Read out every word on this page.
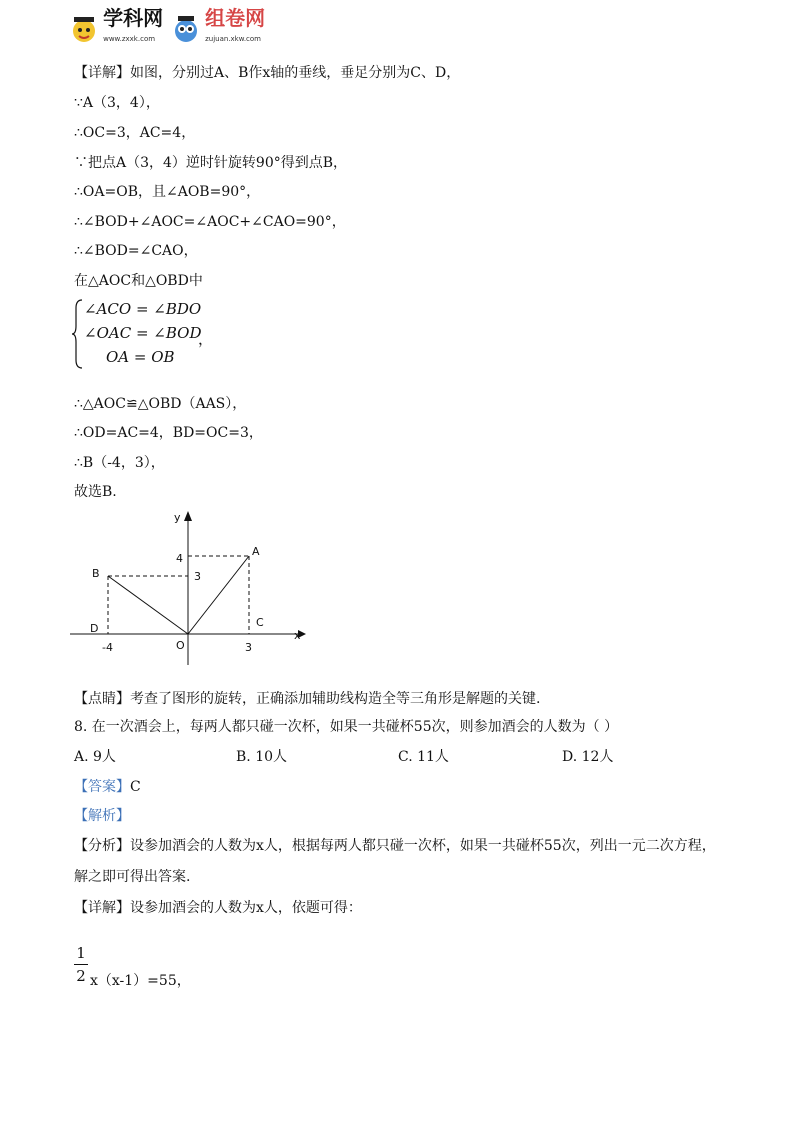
学科网
www.zxxk.com
组卷网
zujuan.xkw.com
【详解】如图，分别过A、B作x轴的垂线，垂足分别为C、D，
∵A（3，4），
∴OC=3，AC=4，
∵把点A（3，4）逆时针旋转90°得到点B，
∴OA=OB，且∠AOB=90°，
∴∠BOD+∠AOC=∠AOC+∠CAO=90°，
∴∠BOD=∠CAO，
在△AOC和△OBD中
∠ACO = ∠BDO
∠OAC = ∠BOD
OA = OB
，
∴△AOC≌△OBD（AAS），
∴OD=AC=4，BD=OC=3，
∴B（-4，3），
故选B.
y
x
A
B
C
D
O
4
3
-4	3
【点睛】考查了图形的旋转，正确添加辅助线构造全等三角形是解题的关键.
8. 在一次酒会上，每两人都只碰一次杯，如果一共碰杯55次，则参加酒会的人数为（ ）
A. 9人	B. 10人	C. 11人	D. 12人
【答案】C
【解析】
【分析】设参加酒会的人数为x人，根据每两人都只碰一次杯，如果一共碰杯55次，列出一元二次方程，
解之即可得出答案.
【详解】设参加酒会的人数为x人，依题可得：
1
2 x（x-1）=55，
